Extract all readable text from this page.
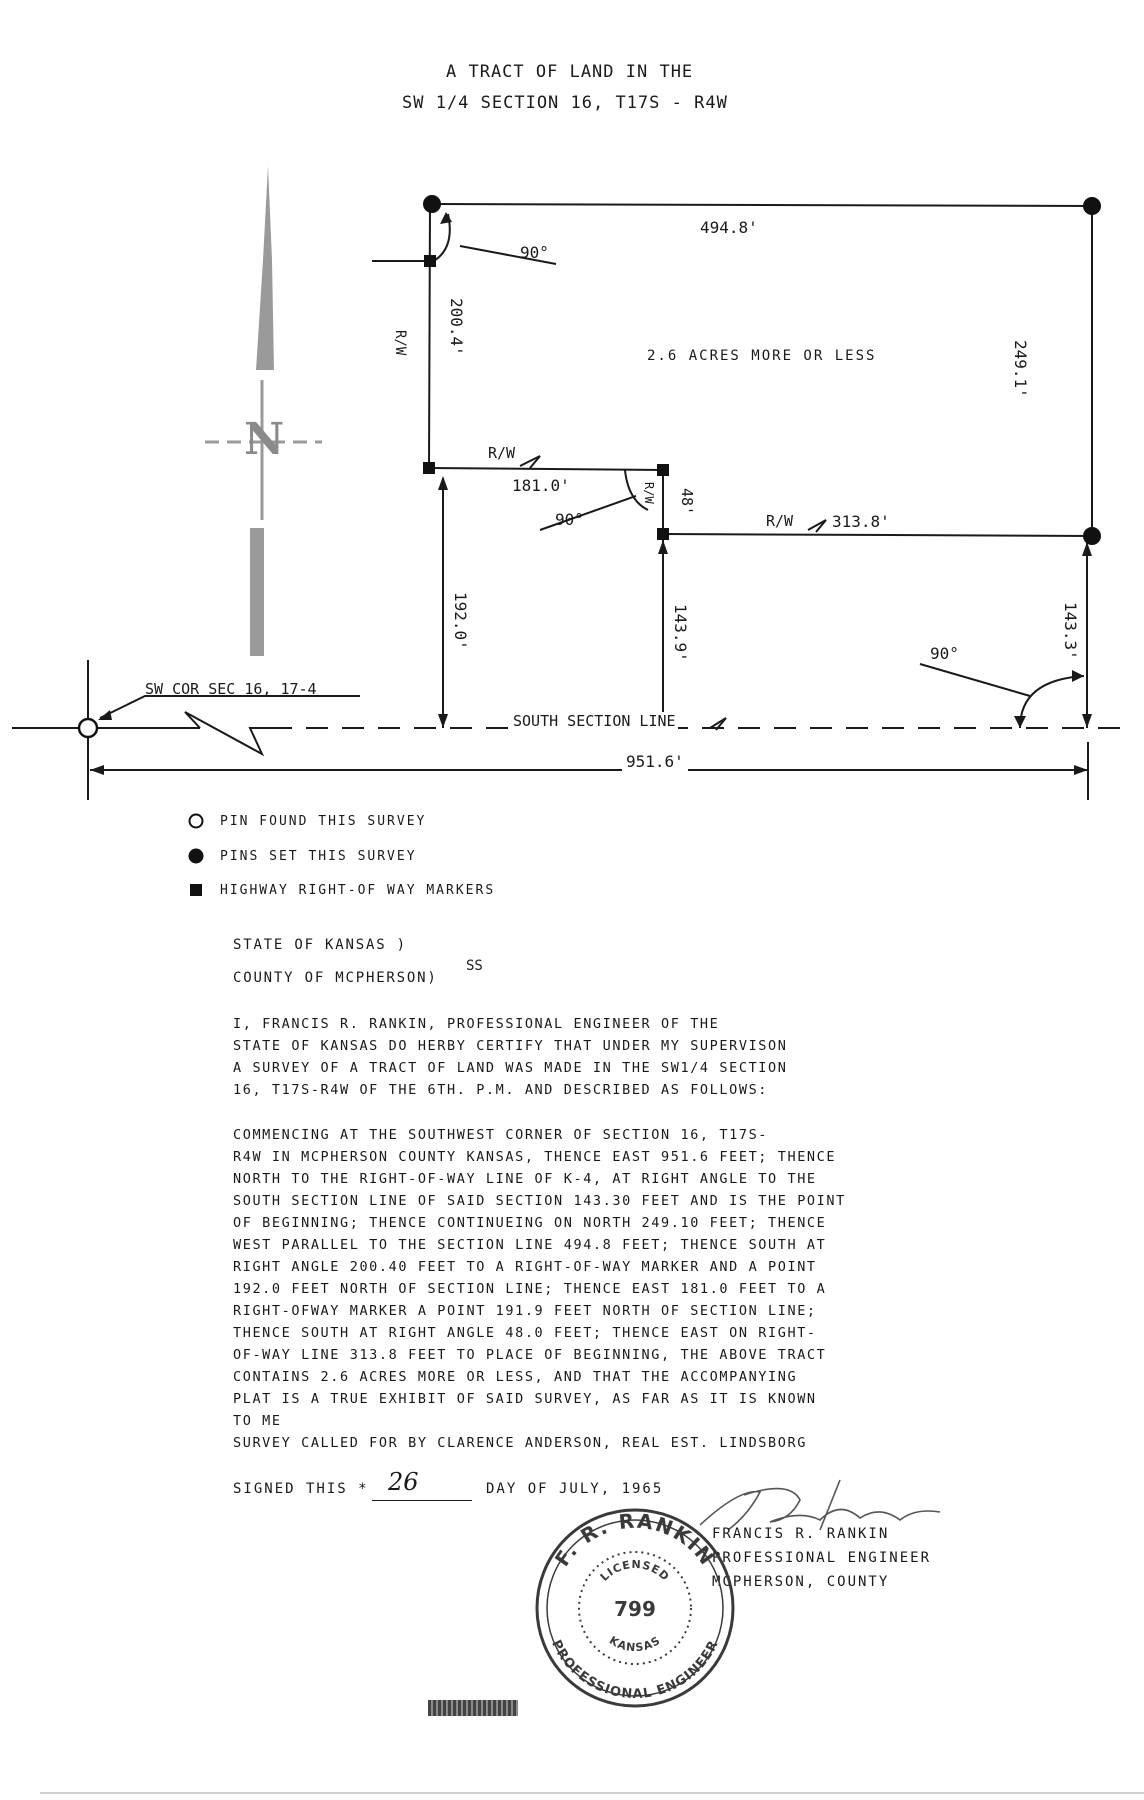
A TRACT OF LAND IN THE
SW 1/4 SECTION 16, T17S - R4W
N
494.8'
2.6 ACRES MORE OR LESS	249.1'
200.4'
R/W
90°
R/W
181.0'	R/W 48'
90°	R/W 313.8'
192.0'	143.9'	143.3'
90°
SW COR SEC 16, 17-4
SOUTH SECTION LINE
951.6'
PIN FOUND THIS SURVEY
PINS SET THIS SURVEY
HIGHWAY RIGHT-OF WAY MARKERS
STATE OF KANSAS )
COUNTY OF MCPHERSON)
SS

I, FRANCIS R. RANKIN, PROFESSIONAL ENGINEER OF THE

STATE OF KANSAS DO HERBY CERTIFY THAT UNDER MY SUPERVISON

A SURVEY OF A TRACT OF LAND WAS MADE IN THE SW1/4 SECTION

16, T17S-R4W OF THE 6TH. P.M. AND DESCRIBED AS FOLLOWS:

COMMENCING AT THE SOUTHWEST CORNER OF SECTION 16, T17S-

R4W IN MCPHERSON COUNTY KANSAS, THENCE EAST 951.6 FEET; THENCE

NORTH TO THE RIGHT-OF-WAY LINE OF K-4, AT RIGHT ANGLE TO THE

SOUTH SECTION LINE OF SAID SECTION 143.30 FEET AND IS THE POINT

OF BEGINNING; THENCE CONTINUEING ON NORTH 249.10 FEET; THENCE

WEST PARALLEL TO THE SECTION LINE 494.8 FEET; THENCE SOUTH AT

RIGHT ANGLE 200.40 FEET TO A RIGHT-OF-WAY MARKER AND A POINT

192.0 FEET NORTH OF SECTION LINE; THENCE EAST 181.0 FEET TO A

RIGHT-OFWAY MARKER A POINT 191.9 FEET NORTH OF SECTION LINE;

THENCE SOUTH AT RIGHT ANGLE 48.0 FEET; THENCE EAST ON RIGHT-

OF-WAY LINE 313.8 FEET TO PLACE OF BEGINNING, THE ABOVE TRACT

CONTAINS 2.6 ACRES MORE OR LESS, AND THAT THE ACCOMPANYING

PLAT IS A TRUE EXHIBIT OF SAID SURVEY, AS FAR AS IT IS KNOWN

TO ME

SURVEY CALLED FOR BY CLARENCE ANDERSON, REAL EST. LINDSBORG

SIGNED THIS * 26	DAY OF JULY, 1965
FRANCIS R. RANKIN
PROFESSIONAL ENGINEER
MCPHERSON, COUNTY
F. R. RANKIN
PROFESSIONAL ENGINEER
LICENSED
KANSAS
799
